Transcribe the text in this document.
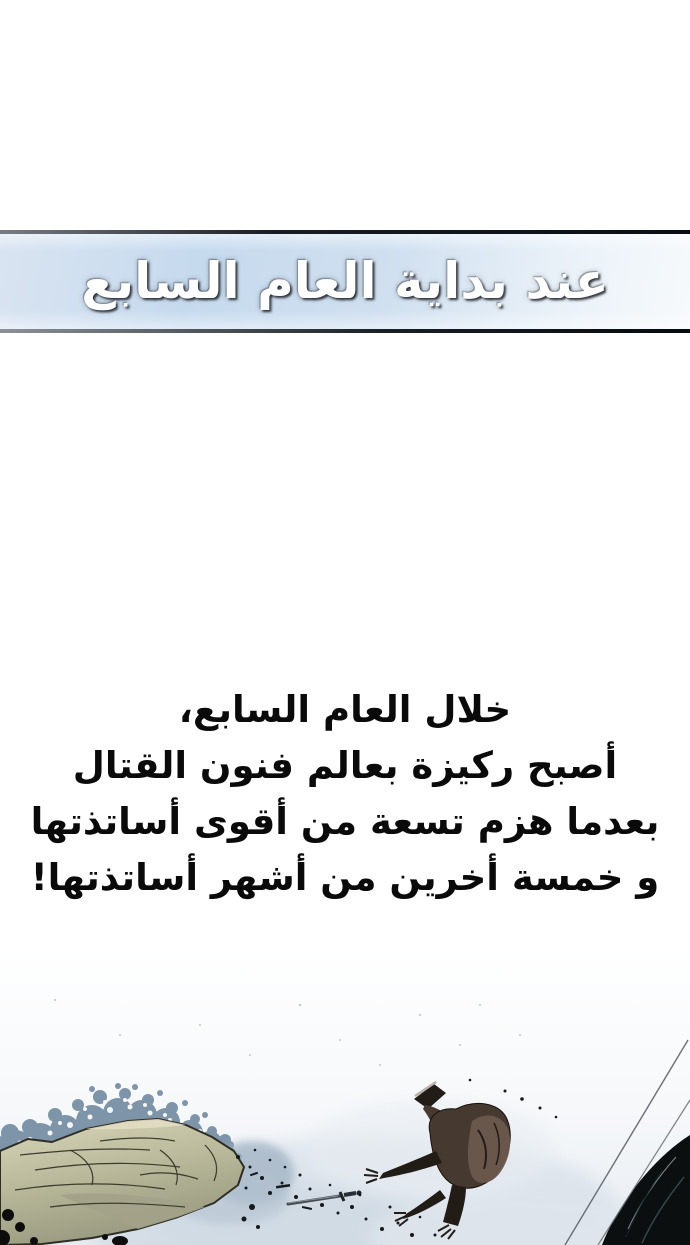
عند بداية العام السابع
خلال العام السابع،
أصبح ركيزة بعالم فنون القتال
بعدما هزم تسعة من أقوى أساتذتها
و خمسة أخرين من أشهر أساتذتها!
